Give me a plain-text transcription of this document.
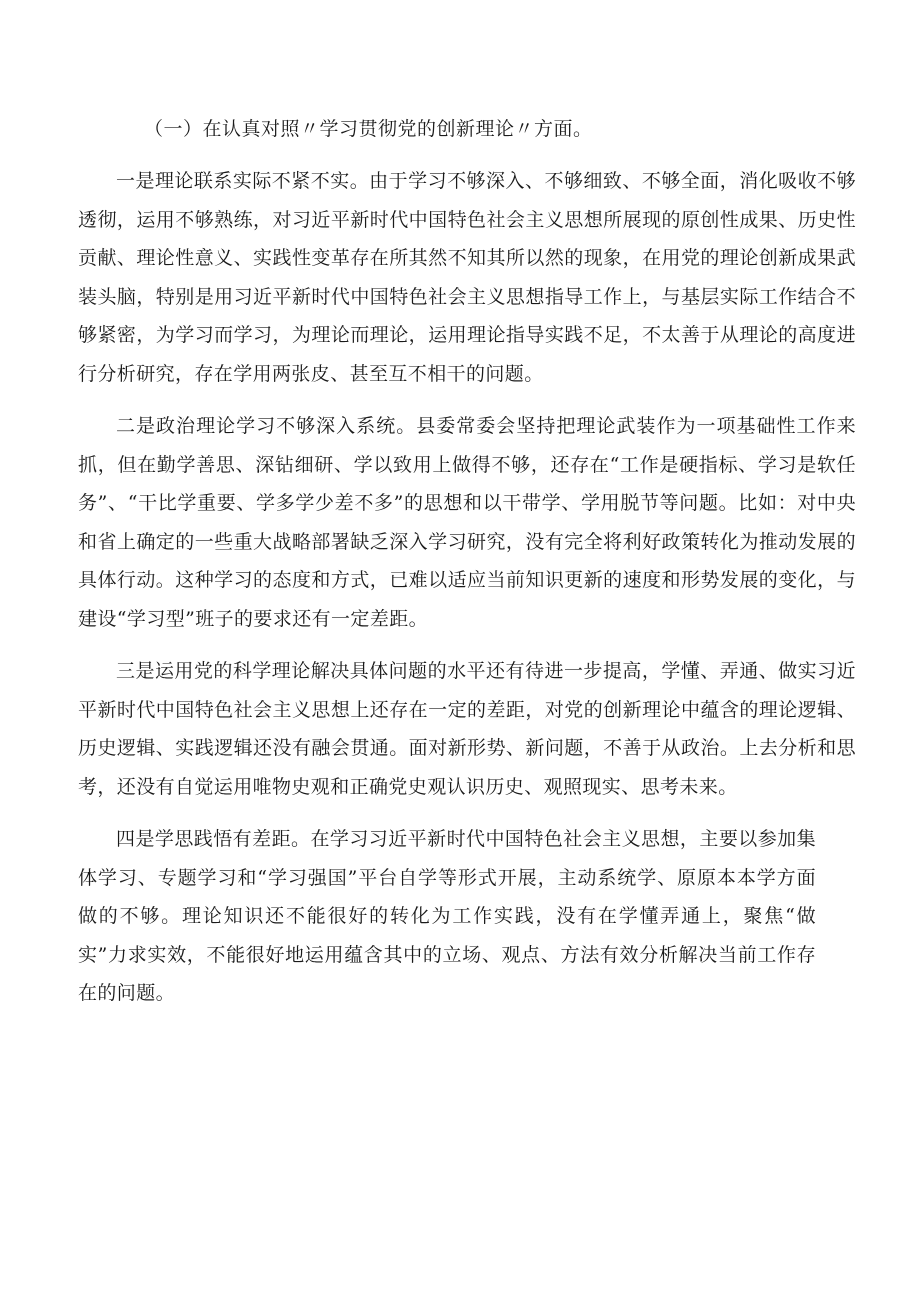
（一）在认真对照〃学习贯彻党的创新理论〃方面。

一是理论联系实际不紧不实。由于学习不够深入、不够细致、不够全面，消化吸收不够透彻，运用不够熟练，对习近平新时代中国特色社会主义思想所展现的原创性成果、历史性贡献、理论性意义、实践性变革存在所其然不知其所以然的现象，在用党的理论创新成果武装头脑，特别是用习近平新时代中国特色社会主义思想指导工作上，与基层实际工作结合不够紧密，为学习而学习，为理论而理论，运用理论指导实践不足，不太善于从理论的高度进行分析研究，存在学用两张皮、甚至互不相干的问题。

二是政治理论学习不够深入系统。县委常委会坚持把理论武装作为一项基础性工作来抓，但在勤学善思、深钻细研、学以致用上做得不够，还存在“工作是硬指标、学习是软任务”、“干比学重要、学多学少差不多”的思想和以干带学、学用脱节等问题。比如：对中央和省上确定的一些重大战略部署缺乏深入学习研究，没有完全将利好政策转化为推动发展的具体行动。这种学习的态度和方式，已难以适应当前知识更新的速度和形势发展的变化，与建设“学习型”班子的要求还有一定差距。

三是运用党的科学理论解决具体问题的水平还有待进一步提高，学懂、弄通、做实习近平新时代中国特色社会主义思想上还存在一定的差距，对党的创新理论中蕴含的理论逻辑、历史逻辑、实践逻辑还没有融会贯通。面对新形势、新问题，不善于从政治。上去分析和思考，还没有自觉运用唯物史观和正确党史观认识历史、观照现实、思考未来。

四是学思践悟有差距。在学习习近平新时代中国特色社会主义思想，主要以参加集体学习、专题学习和“学习强国”平台自学等形式开展，主动系统学、原原本本学方面做的不够。理论知识还不能很好的转化为工作实践，没有在学懂弄通上，聚焦“做实”力求实效，不能很好地运用蕴含其中的立场、观点、方法有效分析解决当前工作存在的问题。
